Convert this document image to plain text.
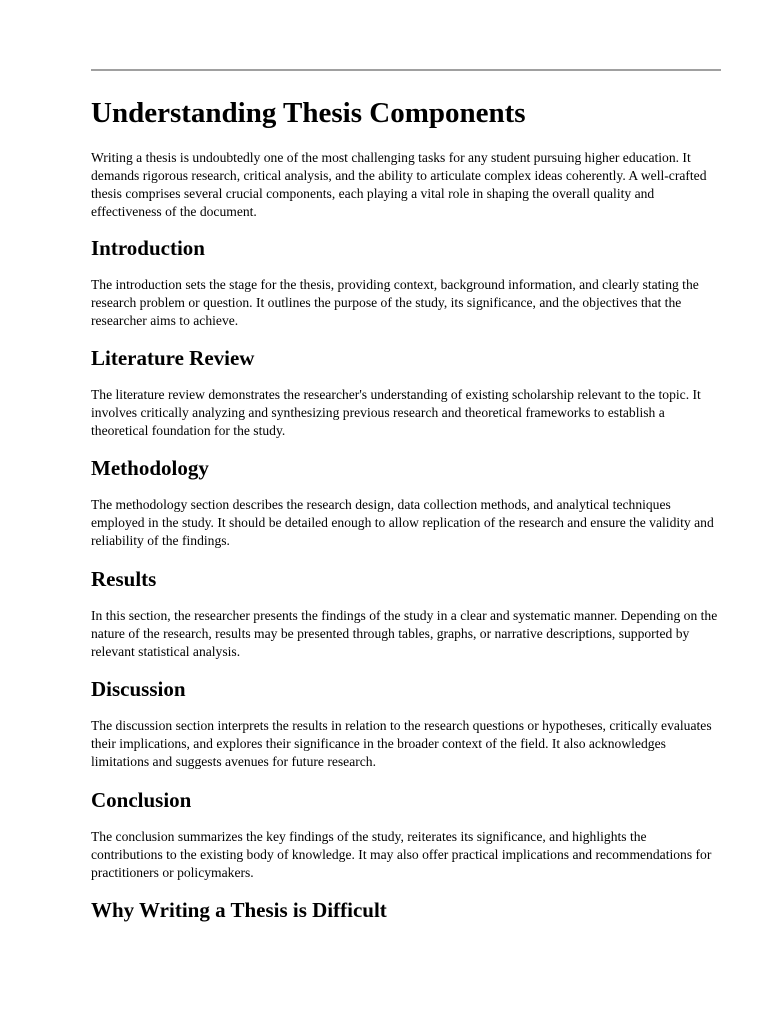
Understanding Thesis Components

Writing a thesis is undoubtedly one of the most challenging tasks for any student pursuing higher education. It demands rigorous research, critical analysis, and the ability to articulate complex ideas coherently. A well-crafted thesis comprises several crucial components, each playing a vital role in shaping the overall quality and effectiveness of the document.

Introduction

The introduction sets the stage for the thesis, providing context, background information, and clearly stating the research problem or question. It outlines the purpose of the study, its significance, and the objectives that the researcher aims to achieve.

Literature Review

The literature review demonstrates the researcher's understanding of existing scholarship relevant to the topic. It involves critically analyzing and synthesizing previous research and theoretical frameworks to establish a theoretical foundation for the study.

Methodology

The methodology section describes the research design, data collection methods, and analytical techniques employed in the study. It should be detailed enough to allow replication of the research and ensure the validity and reliability of the findings.

Results

In this section, the researcher presents the findings of the study in a clear and systematic manner. Depending on the nature of the research, results may be presented through tables, graphs, or narrative descriptions, supported by relevant statistical analysis.

Discussion

The discussion section interprets the results in relation to the research questions or hypotheses, critically evaluates their implications, and explores their significance in the broader context of the field. It also acknowledges limitations and suggests avenues for future research.

Conclusion

The conclusion summarizes the key findings of the study, reiterates its significance, and highlights the contributions to the existing body of knowledge. It may also offer practical implications and recommendations for practitioners or policymakers.

Why Writing a Thesis is Difficult
